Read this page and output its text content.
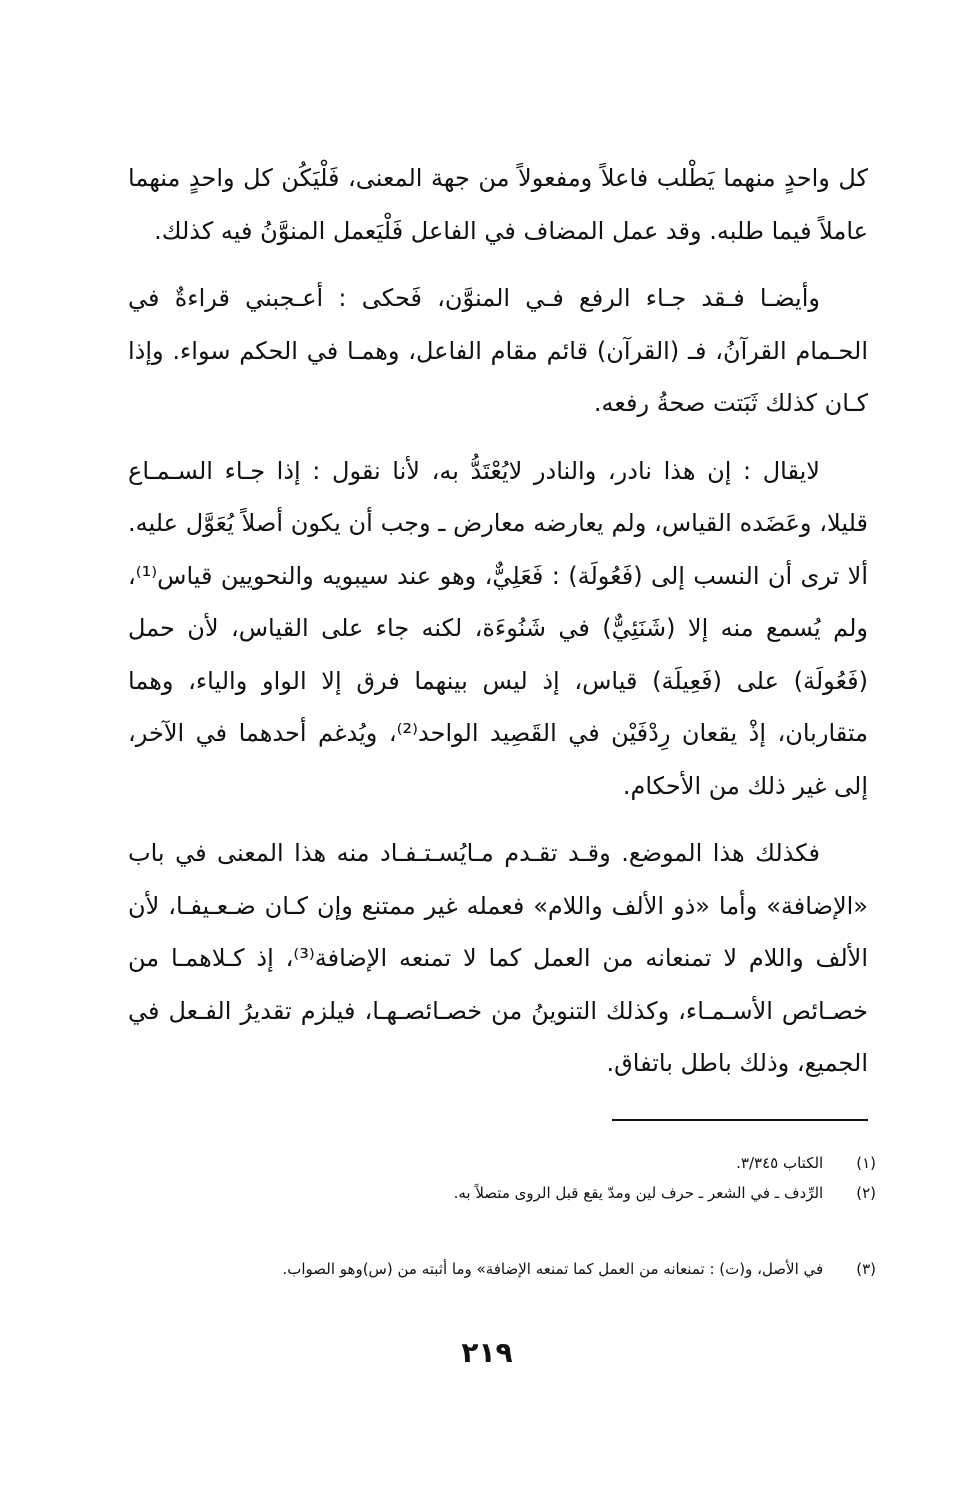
كل واحدٍ منهما يَطْلب فاعلاً ومفعولاً من جهة المعنى، فَلْيَكُن كل واحدٍ منهما عاملاً فيما طلبه. وقد عمل المضاف في الفاعل فَلْيَعمل المنوَّنُ فيه كذلك.

وأيضـا فـقد جـاء الرفع فـي المنوَّن، فَحكى : أعـجبني قراءةٌ في الحـمام القرآنُ، فـ (القرآن) قائم مقام الفاعل، وهمـا في الحكم سواء. وإذا كـان كذلك ثَبَتت صحةُ رفعه.

لايقال : إن هذا نادر، والنادر لايُعْتَدُّ به، لأنا نقول : إذا جـاء السـمـاع قليلا، وعَضَده القياس، ولم يعارضه معارض ـ وجب أن يكون أصلاً يُعَوَّل عليه. ألا ترى أن النسب إلى (فَعُولَة) : فَعَلِيٌّ، وهو عند سيبويه والنحويين قياس⁽¹⁾، ولم يُسمع منه إلا (شَنَئِيٌّ) في شَنُوءَة، لكنه جاء على القياس، لأن حمل (فَعُولَة) على (فَعِيلَة) قياس، إذ ليس بينهما فرق إلا الواو والياء، وهما متقاربان، إذْ يقعان رِدْفَيْن في القَصِيد الواحد⁽²⁾، ويُدغم أحدهما في الآخر، إلى غير ذلك من الأحكام.

فكذلك هذا الموضع. وقـد تقـدم مـايُسـتـفـاد منه هذا المعنى في باب «الإضافة» وأما «ذو الألف واللام» فعمله غير ممتنع وإن كـان ضـعـيفـا، لأن الألف واللام لا تمنعانه من العمل كما لا تمنعه الإضافة⁽³⁾، إذ كـلاهمـا من خصـائص الأسـمـاء، وكذلك التنوينُ من خصـائصـهـا، فيلزم تقديرُ الفـعل في الجميع، وذلك باطل باتفاق.

(١) الكتاب ٣/٣٤٥.
(٢) الرِّدف ـ في الشعر ـ حرف لين ومدّ يقع قبل الروى متصلاً به.
(٣) في الأصل، و(ت) : تمنعانه من العمل كما تمنعه الإضافة» وما أثبته من (س)وهو الصواب.
٢١٩
